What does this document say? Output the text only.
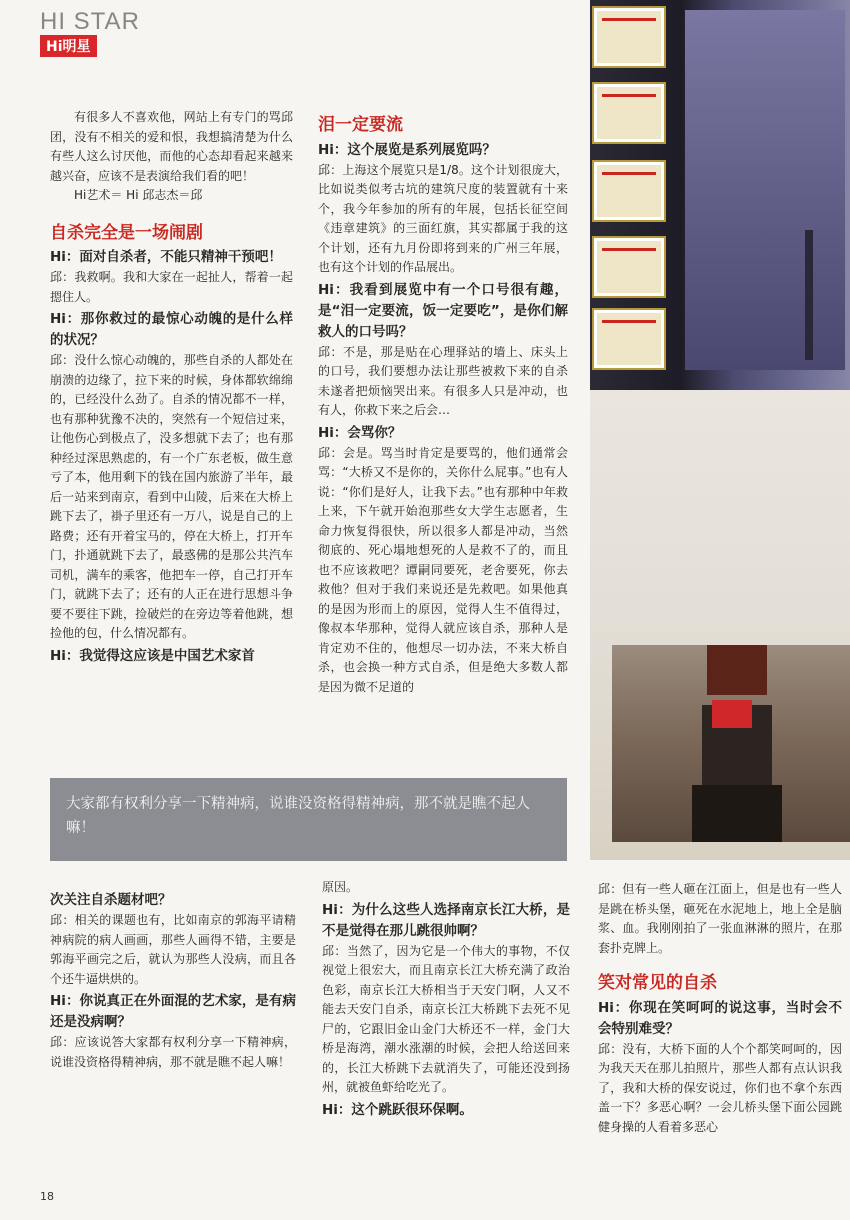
HI STAR
Hi明星

有很多人不喜欢他，网站上有专门的骂邱团，没有不相关的爱和恨，我想搞清楚为什么有些人这么讨厌他，而他的心态却看起来越来越兴奋，应该不是表演给我们看的吧！

Hi艺术＝ Hi 邱志杰＝邱

自杀完全是一场闹剧

Hi：面对自杀者，不能只精神干预吧！

邱：我救啊。我和大家在一起扯人，帮着一起摁住人。

Hi：那你救过的最惊心动魄的是什么样的状况？

邱：没什么惊心动魄的，那些自杀的人都处在崩溃的边缘了，拉下来的时候，身体都软绵绵的，已经没什么劲了。自杀的情况都不一样，也有那种犹豫不决的，突然有一个短信过来，让他伤心到极点了，没多想就下去了；也有那种经过深思熟虑的，有一个广东老板，做生意亏了本，他用剩下的钱在国内旅游了半年，最后一站来到南京，看到中山陵，后来在大桥上跳下去了，褂子里还有一万八，说是自己的上路费；还有开着宝马的，停在大桥上，打开车门，扑通就跳下去了，最惑佛的是那公共汽车司机，满车的乘客，他把车一停，自己打开车门，就跳下去了；还有的人正在进行思想斗争要不要往下跳，捡破烂的在旁边等着他跳，想捡他的包，什么情况都有。

Hi：我觉得这应该是中国艺术家首

泪一定要流

Hi：这个展览是系列展览吗？

邱：上海这个展览只是1/8。这个计划很庞大，比如说类似考古坑的建筑尺度的装置就有十来个，我今年参加的所有的年展，包括长征空间《违章建筑》的三面红旗，其实都属于我的这个计划，还有九月份即将到来的广州三年展，也有这个计划的作品展出。

Hi：我看到展览中有一个口号很有趣，是“泪一定要流，饭一定要吃”，是你们解救人的口号吗？

邱：不是，那是贴在心理驿站的墙上、床头上的口号，我们要想办法让那些被救下来的自杀未遂者把烦恼哭出来。有很多人只是冲动，也有人，你救下来之后会…

Hi：会骂你？

邱：会是。骂当时肯定是要骂的，他们通常会骂：“大桥又不是你的，关你什么屁事。”也有人说：“你们是好人，让我下去。”也有那种中年救上来，下午就开始泡那些女大学生志愿者，生命力恢复得很快，所以很多人都是冲动，当然彻底的、死心塌地想死的人是救不了的，而且也不应该救吧？谭嗣同要死，老舍要死，你去救他？但对于我们来说还是先救吧。如果他真的是因为形而上的原因，觉得人生不值得过，像叔本华那种，觉得人就应该自杀，那种人是肯定劝不住的，他想尽一切办法，不来大桥自杀，也会换一种方式自杀，但是绝大多数人都是因为微不足道的

大家都有权利分享一下精神病，说谁没资格得精神病，那不就是瞧不起人嘛！

次关注自杀题材吧？

邱：相关的课题也有，比如南京的郭海平请精神病院的病人画画，那些人画得不错，主要是郭海平画完之后，就认为那些人没病，而且各个还牛逼烘烘的。

Hi：你说真正在外面混的艺术家，是有病还是没病啊？

邱：应该说答大家都有权利分享一下精神病，说谁没资格得精神病，那不就是瞧不起人嘛！

原因。

Hi：为什么这些人选择南京长江大桥，是不是觉得在那儿跳很帅啊？

邱：当然了，因为它是一个伟大的事物，不仅视觉上很宏大，而且南京长江大桥充满了政治色彩，南京长江大桥相当于天安门啊，人又不能去天安门自杀，南京长江大桥跳下去死不见尸的，它跟旧金山金门大桥还不一样，金门大桥是海湾，潮水涨潮的时候，会把人给送回来的，长江大桥跳下去就消失了，可能还没到扬州，就被鱼虾给吃光了。

Hi：这个跳跃很环保啊。

邱：但有一些人砸在江面上，但是也有一些人是跳在桥头堡，砸死在水泥地上，地上全是脑浆、血。我刚刚拍了一张血淋淋的照片，在那套扑克牌上。

笑对常见的自杀

Hi：你现在笑呵呵的说这事，当时会不会特别难受？

邱：没有，大桥下面的人个个都笑呵呵的，因为我天天在那儿拍照片，那些人都有点认识我了，我和大桥的保安说过，你们也不拿个东西盖一下？多恶心啊？一会儿桥头堡下面公园跳健身操的人看着多恶心

18
